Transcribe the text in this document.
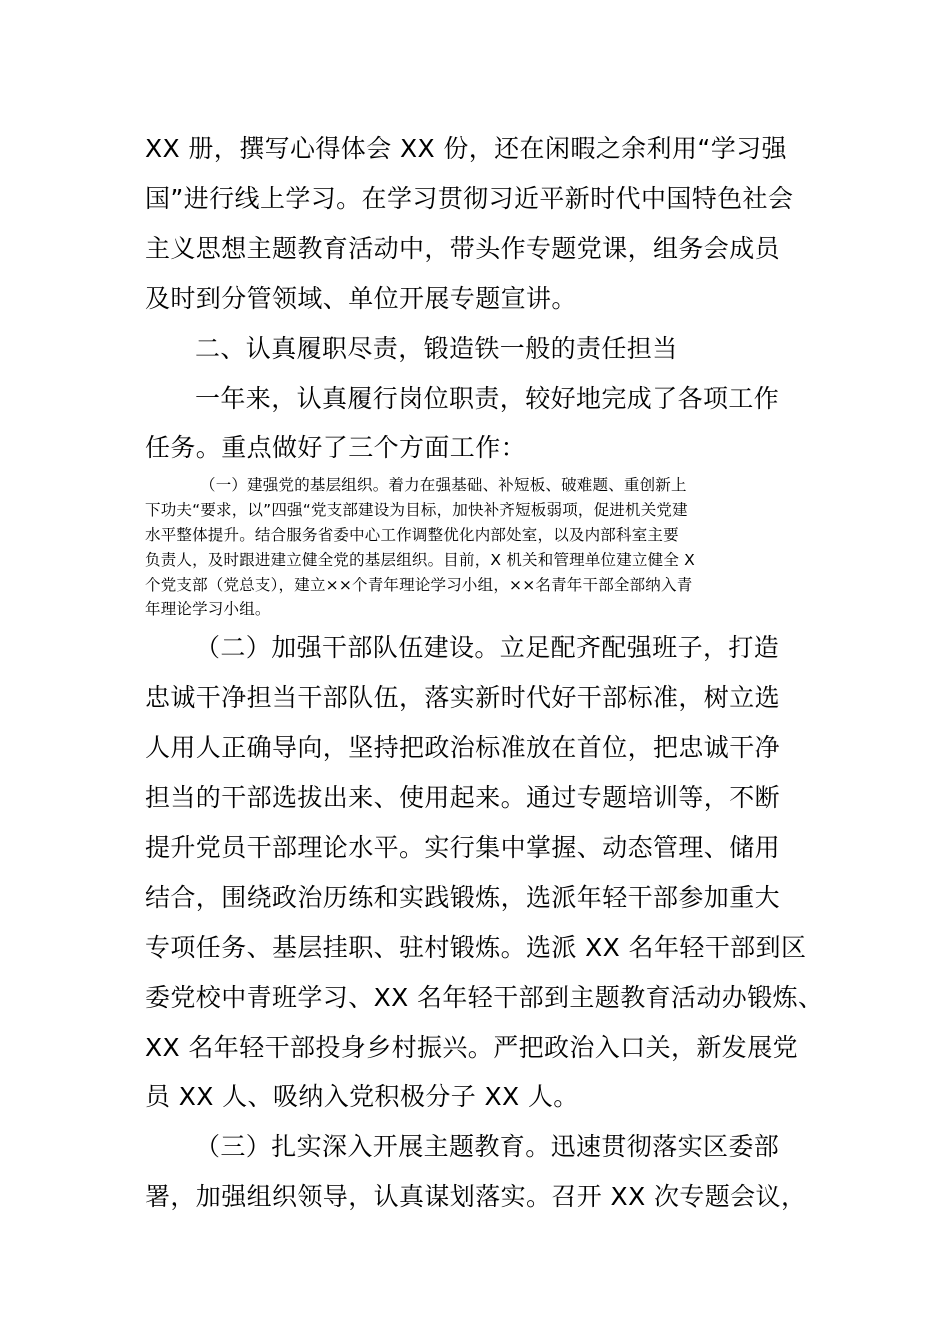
XX 册，撰写心得体会 XX 份，还在闲暇之余利用“学习强
国”进行线上学习。在学习贯彻习近平新时代中国特色社会
主义思想主题教育活动中，带头作专题党课，组务会成员
及时到分管领域、单位开展专题宣讲。
二、认真履职尽责，锻造铁一般的责任担当
一年来，认真履行岗位职责，较好地完成了各项工作
任务。重点做好了三个方面工作：
（一）建强党的基层组织。着力在强基础、补短板、破难题、重创新上
下功夫“要求，以”四强“党支部建设为目标，加快补齐短板弱项，促进机关党建
水平整体提升。结合服务省委中心工作调整优化内部处室，以及内部科室主要
负责人，及时跟进建立健全党的基层组织。目前，X 机关和管理单位建立健全 X
个党支部（党总支），建立××个青年理论学习小组，××名青年干部全部纳入青
年理论学习小组。
（二）加强干部队伍建设。立足配齐配强班子，打造
忠诚干净担当干部队伍，落实新时代好干部标准，树立选
人用人正确导向，坚持把政治标准放在首位，把忠诚干净
担当的干部选拔出来、使用起来。通过专题培训等，不断
提升党员干部理论水平。实行集中掌握、动态管理、储用
结合，围绕政治历练和实践锻炼，选派年轻干部参加重大
专项任务、基层挂职、驻村锻炼。选派 XX 名年轻干部到区
委党校中青班学习、XX 名年轻干部到主题教育活动办锻炼、
XX 名年轻干部投身乡村振兴。严把政治入口关，新发展党
员 XX 人、吸纳入党积极分子 XX 人。
（三）扎实深入开展主题教育。迅速贯彻落实区委部
署，加强组织领导，认真谋划落实。召开 XX 次专题会议，
